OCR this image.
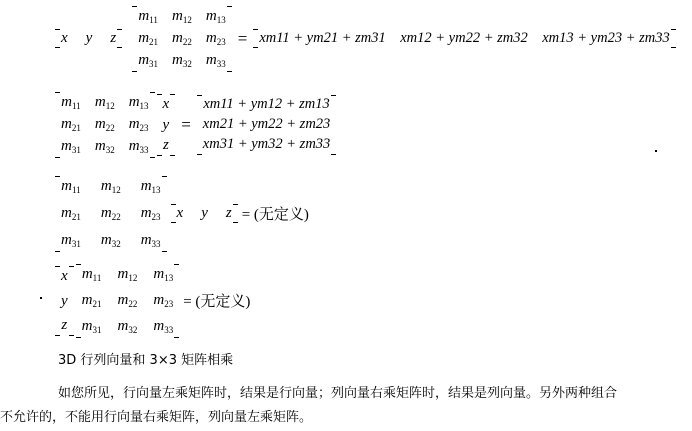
x y z
$m_{11}$ $m_{12}$ $m_{13}$
$m_{21}$ $m_{22}$ $m_{23}$
$m_{31}$ $m_{32}$ $m_{33}$
= xm11 + ym21 + zm31    xm12 + ym22 + zm32    xm13 + ym23 + zm33
$m_{11}$ $m_{12}$ $m_{13}$
$m_{21}$ $m_{22}$ $m_{23}$
$m_{31}$ $m_{32}$ $m_{33}$
x
y
z
=
xm11 + ym12 + zm13
xm21 + ym22 + zm23
xm31 + ym32 + zm33
$m_{11}$ $m_{12}$ $m_{13}$
$m_{21}$ $m_{22}$ $m_{23}$
$m_{31}$ $m_{32}$ $m_{33}$
x y z = (无定义)
x
y
z
$m_{11}$ $m_{12}$ $m_{13}$
$m_{21}$ $m_{22}$ $m_{23}$
$m_{31}$ $m_{32}$ $m_{33}$
= (无定义)
3D 行列向量和 3×3 矩阵相乘
如您所见，行向量左乘矩阵时，结果是行向量；列向量右乘矩阵时，结果是列向量。另外两种组合
不允许的，不能用行向量右乘矩阵，列向量左乘矩阵。
